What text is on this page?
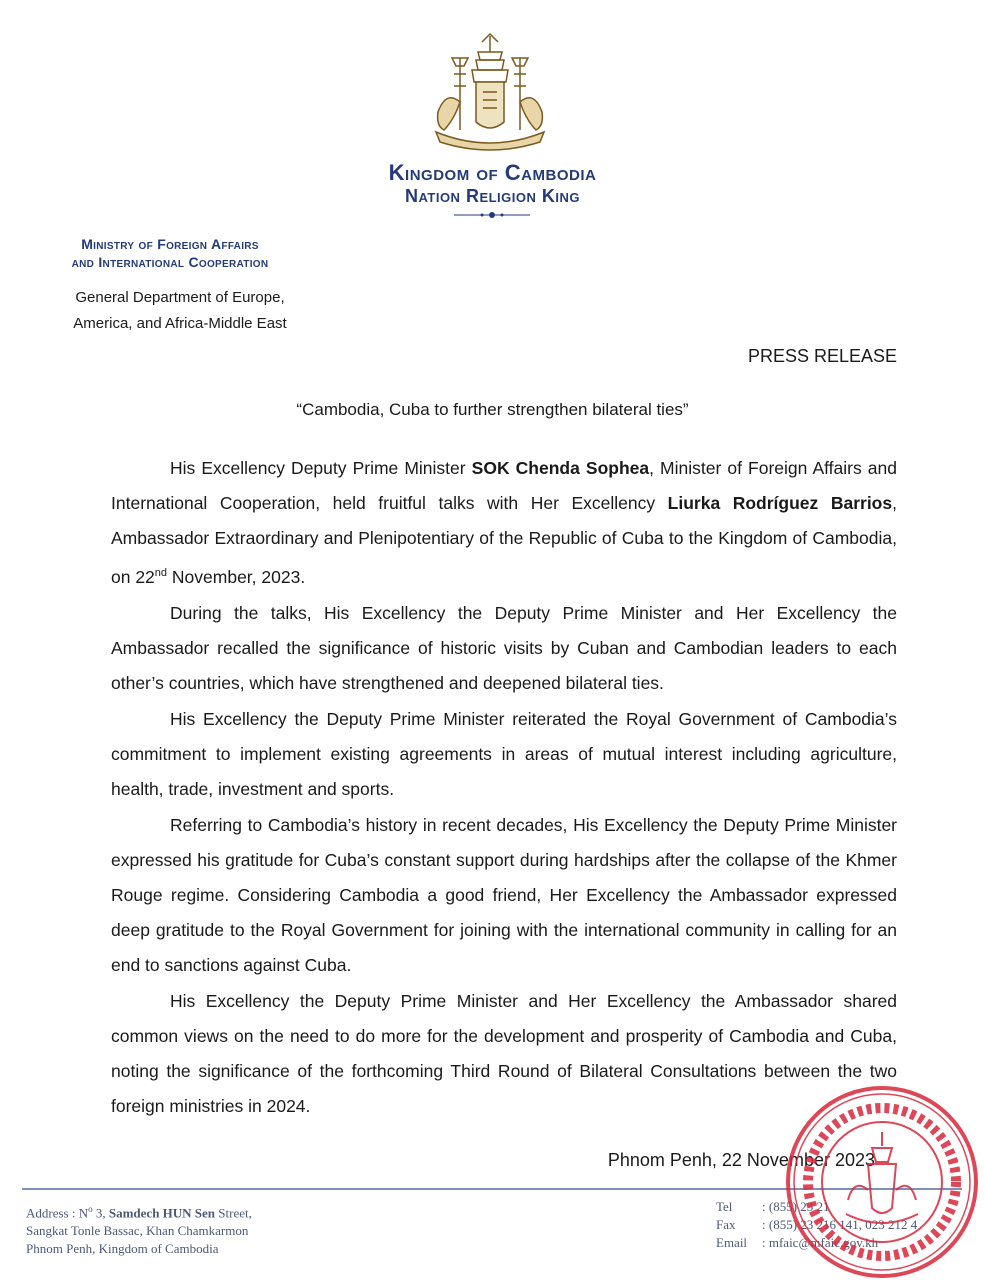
Kingdom of Cambodia
Nation Religion King
Ministry of Foreign Affairs
and International Cooperation
General Department of Europe,
America, and Africa-Middle East
PRESS RELEASE
“Cambodia, Cuba to further strengthen bilateral ties”

His Excellency Deputy Prime Minister SOK Chenda Sophea, Minister of Foreign Affairs and International Cooperation, held fruitful talks with Her Excellency Liurka Rodríguez Barrios, Ambassador Extraordinary and Plenipotentiary of the Republic of Cuba to the Kingdom of Cambodia, on 22nd November, 2023.

During the talks, His Excellency the Deputy Prime Minister and Her Excellency the Ambassador recalled the significance of historic visits by Cuban and Cambodian leaders to each other’s countries, which have strengthened and deepened bilateral ties.

His Excellency the Deputy Prime Minister reiterated the Royal Government of Cambodia’s commitment to implement existing agreements in areas of mutual interest including agriculture, health, trade, investment and sports.

Referring to Cambodia’s history in recent decades, His Excellency the Deputy Prime Minister expressed his gratitude for Cuba’s constant support during hardships after the collapse of the Khmer Rouge regime. Considering Cambodia a good friend, Her Excellency the Ambassador expressed deep gratitude to the Royal Government for joining with the international community in calling for an end to sanctions against Cuba.

His Excellency the Deputy Prime Minister and Her Excellency the Ambassador shared common views on the need to do more for the development and prosperity of Cambodia and Cuba, noting the significance of the forthcoming Third Round of Bilateral Consultations between the two foreign ministries in 2024.

Phnom Penh, 22 November 2023
Address : $N^o$ 3, Samdech HUN Sen Street,
Sangkat Tonle Bassac, Khan Chamkarmon
Phnom Penh, Kingdom of Cambodia
Tel : (855) 23 21
Fax : (855) 23 216 141, 023 212 4
Email : mfaic@mfaic.gov.kh
